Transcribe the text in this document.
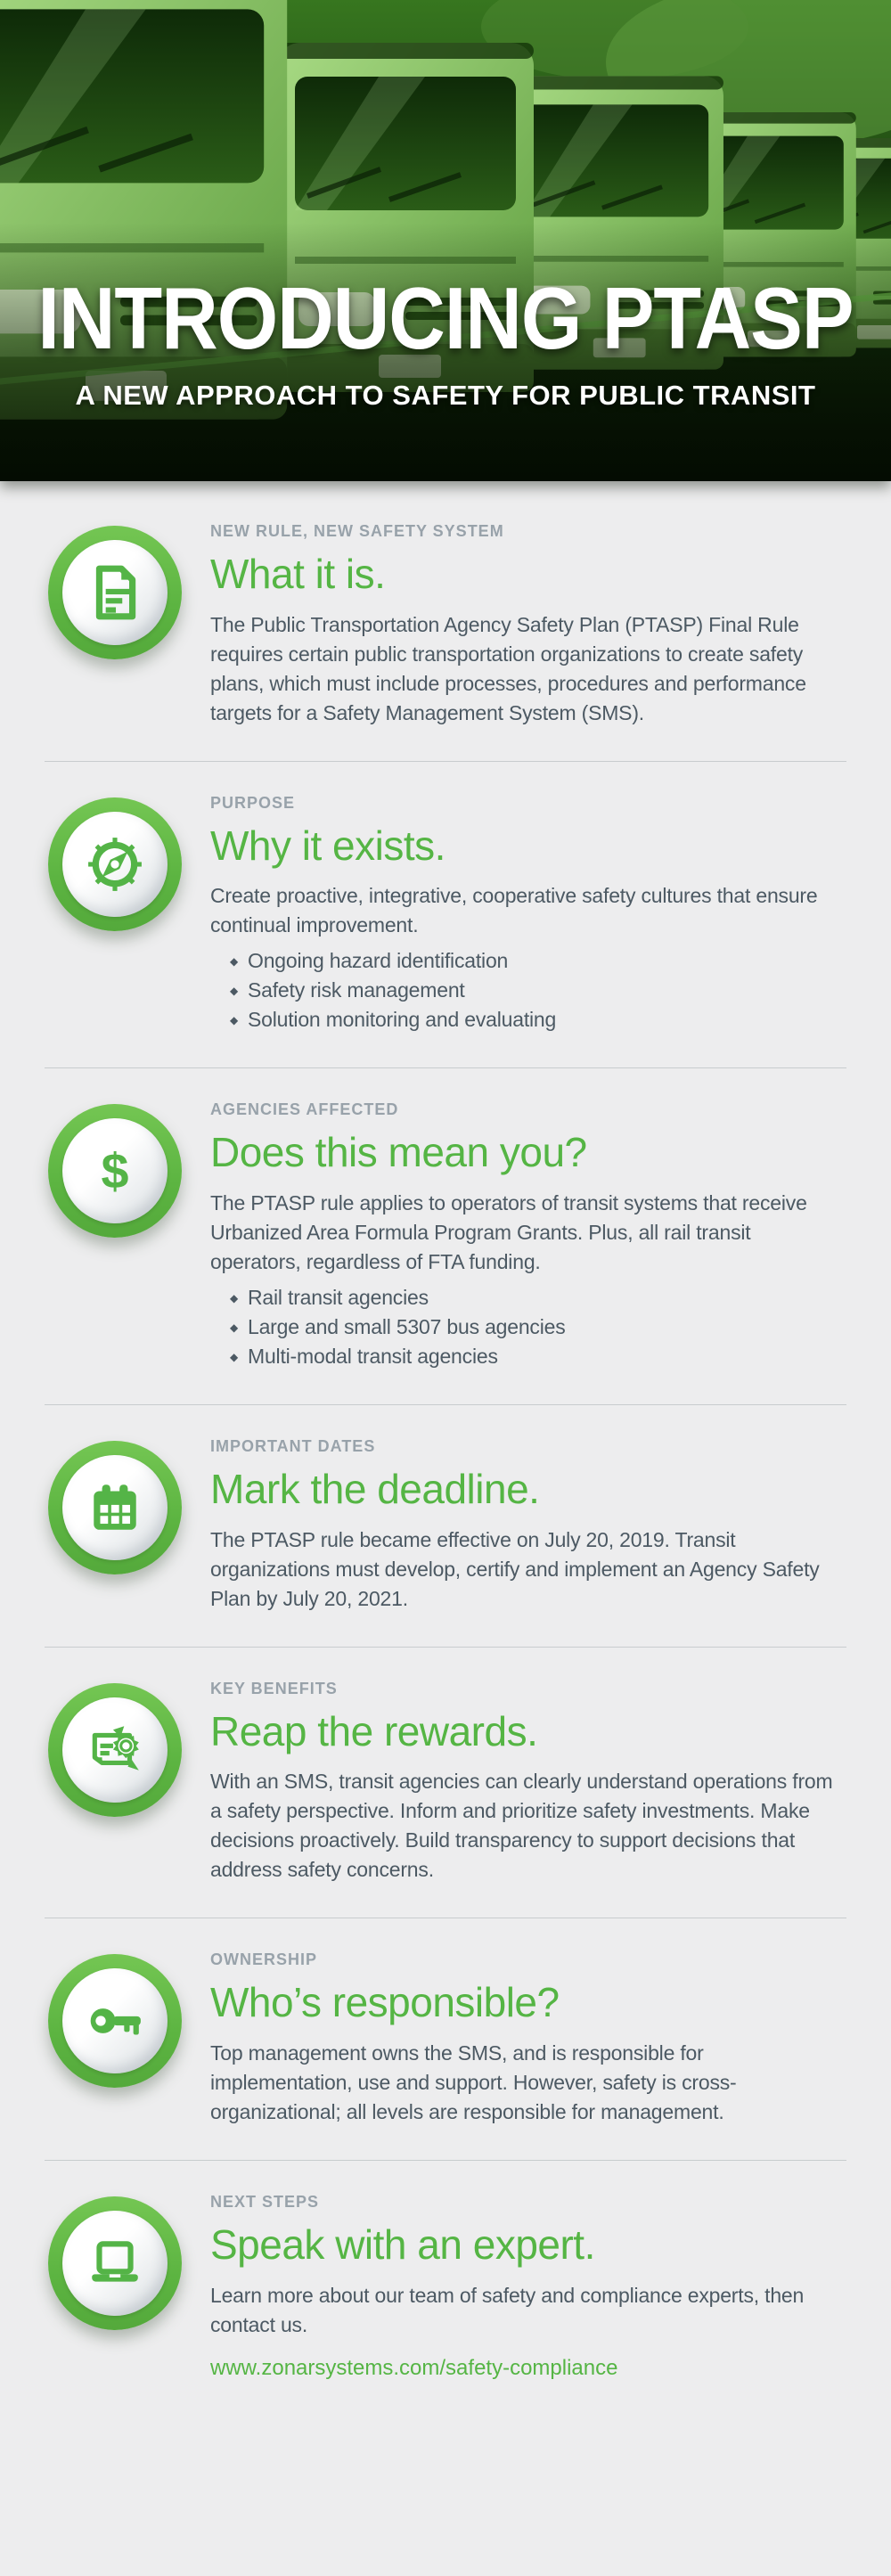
INTRODUCING PTASP

A NEW APPROACH TO SAFETY FOR PUBLIC TRANSIT

NEW RULE, NEW SAFETY SYSTEM

What it is.

The Public Transportation Agency Safety Plan (PTASP) Final Rule requires certain public transportation organizations to create safety plans, which must include processes, procedures and performance targets for a Safety Management System (SMS).

PURPOSE

Why it exists.

Create proactive, integrative, cooperative safety cultures that ensure continual improvement.

◆ Ongoing hazard identification
◆ Safety risk management
◆ Solution monitoring and evaluating
$

AGENCIES AFFECTED

Does this mean you?

The PTASP rule applies to operators of transit systems that receive Urbanized Area Formula Program Grants. Plus, all rail transit operators, regardless of FTA funding.

◆ Rail transit agencies
◆ Large and small 5307 bus agencies
◆ Multi-modal transit agencies

IMPORTANT DATES

Mark the deadline.

The PTASP rule became effective on July 20, 2019. Transit organizations must develop, certify and implement an Agency Safety Plan by July 20, 2021.

KEY BENEFITS

Reap the rewards.

With an SMS, transit agencies can clearly understand operations from a safety perspective. Inform and prioritize safety investments. Make decisions proactively. Build transparency to support decisions that address safety concerns.

OWNERSHIP

Who’s responsible?

Top management owns the SMS, and is responsible for implementation, use and support. However, safety is cross-organizational; all levels are responsible for management.

NEXT STEPS

Speak with an expert.

Learn more about our team of safety and compliance experts, then contact us.

www.zonarsystems.com/safety-compliance
